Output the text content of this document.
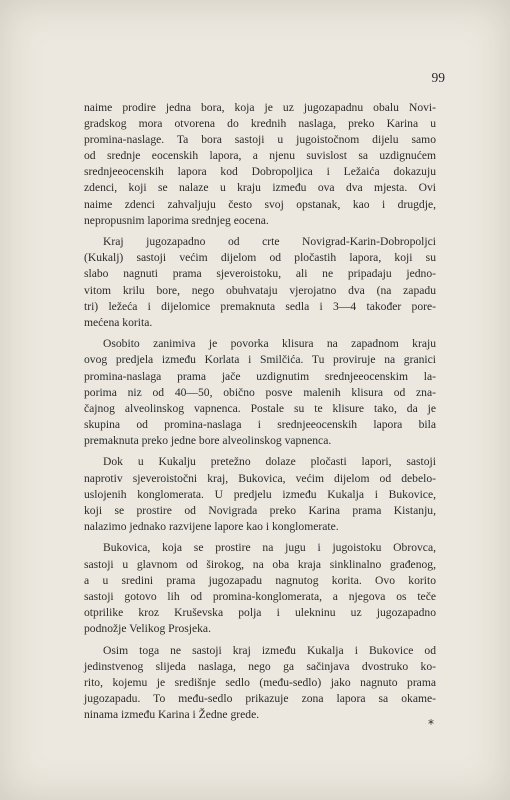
99
naime prodire jedna bora, koja je uz jugozapadnu obalu Novi-
gradskog mora otvorena do krednih naslaga, preko Karina u
promina-naslage. Ta bora sastoji u jugoistočnom dijelu samo
od srednje eocenskih lapora, a njenu suvislost sa uzdignućem
srednjeeocenskih lapora kod Dobropoljica i Ležaića dokazuju
zdenci, koji se nalaze u kraju između ova dva mjesta. Ovi
naime zdenci zahvaljuju često svoj opstanak, kao i drugdje,
nepropusnim laporima srednjeg eocena.
Kraj jugozapadno od crte Novigrad-Karin-Dobropoljci
(Kukalj) sastoji većim dijelom od pločastih lapora, koji su
slabo nagnuti prama sjeveroistoku, ali ne pripadaju jedno-
vitom krilu bore, nego obuhvataju vjerojatno dva (na zapadu
tri) ležeća i dijelomice premaknuta sedla i 3—4 također pore-
mećena korita.
Osobito zanimiva je povorka klisura na zapadnom kraju
ovog predjela između Korlata i Smilčića. Tu proviruje na granici
promina-naslaga prama jače uzdignutim srednjeeocenskim la-
porima niz od 40—50, obično posve malenih klisura od zna-
čajnog alveolinskog vapnenca. Postale su te klisure tako, da je
skupina od promina-naslaga i srednjeeocenskih lapora bila
premaknuta preko jedne bore alveolinskog vapnenca.
Dok u Kukalju pretežno dolaze pločasti lapori, sastoji
naprotiv sjeveroistočni kraj, Bukovica, većim dijelom od debelo-
uslojenih konglomerata. U predjelu između Kukalja i Bukovice,
koji se prostire od Novigrada preko Karina prama Kistanju,
nalazimo jednako razvijene lapore kao i konglomerate.
Bukovica, koja se prostire na jugu i jugoistoku Obrovca,
sastoji u glavnom od širokog, na oba kraja sinklinalno građenog,
a u sredini prama jugozapadu nagnutog korita. Ovo korito
sastoji gotovo lih od promina-konglomerata, a njegova os teče
otprilike kroz Kruševska polja i ulekninu uz jugozapadno
podnožje Velikog Prosjeka.
Osim toga ne sastoji kraj između Kukalja i Bukovice od
jedinstvenog slijeda naslaga, nego ga sačinjava dvostruko ko-
rito, kojemu je središnje sedlo (među-sedlo) jako nagnuto prama
jugozapadu. To među-sedlo prikazuje zona lapora sa okame-
ninama između Karina i Žedne grede.
*
